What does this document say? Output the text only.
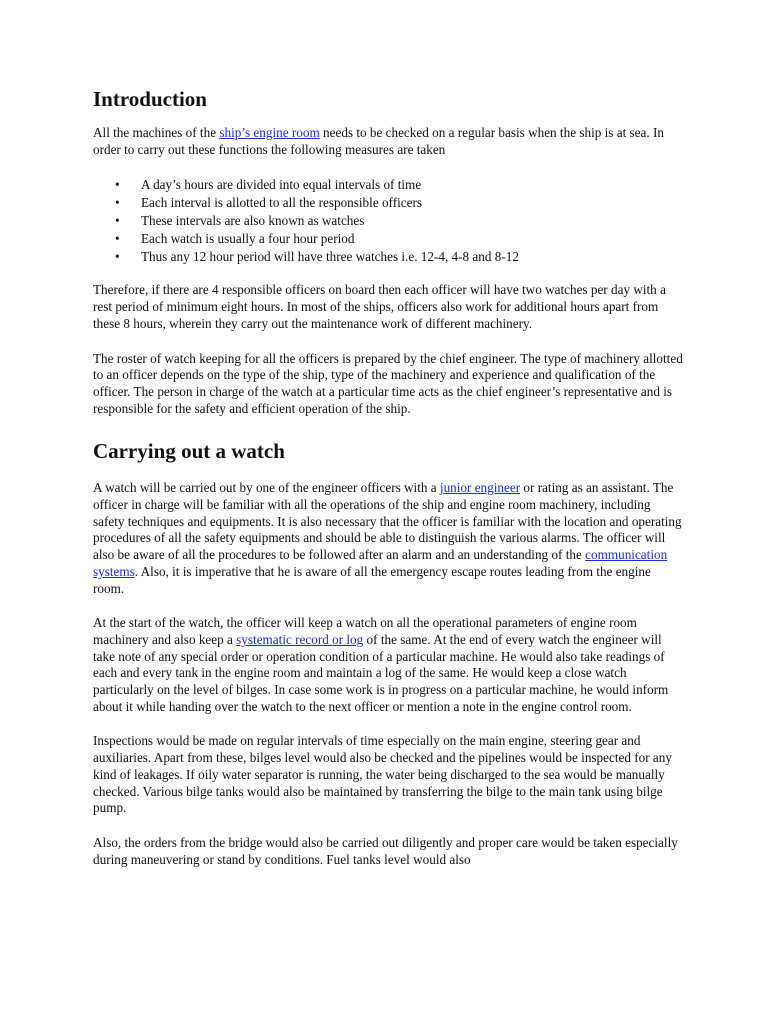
Introduction

All the machines of the ship’s engine room needs to be checked on a regular basis when the ship is at sea. In order to carry out these functions the following measures are taken

• A day’s hours are divided into equal intervals of time
• Each interval is allotted to all the responsible officers
• These intervals are also known as watches
• Each watch is usually a four hour period
• Thus any 12 hour period will have three watches i.e. 12-4, 4-8 and 8-12

Therefore, if there are 4 responsible officers on board then each officer will have two watches per day with a rest period of minimum eight hours. In most of the ships, officers also work for additional hours apart from these 8 hours, wherein they carry out the maintenance work of different machinery.

The roster of watch keeping for all the officers is prepared by the chief engineer. The type of machinery allotted to an officer depends on the type of the ship, type of the machinery and experience and qualification of the officer. The person in charge of the watch at a particular time acts as the chief engineer’s representative and is responsible for the safety and efficient operation of the ship.

Carrying out a watch

A watch will be carried out by one of the engineer officers with a junior engineer or rating as an assistant. The officer in charge will be familiar with all the operations of the ship and engine room machinery, including safety techniques and equipments. It is also necessary that the officer is familiar with the location and operating procedures of all the safety equipments and should be able to distinguish the various alarms. The officer will also be aware of all the procedures to be followed after an alarm and an understanding of the communication systems. Also, it is imperative that he is aware of all the emergency escape routes leading from the engine room.

At the start of the watch, the officer will keep a watch on all the operational parameters of engine room machinery and also keep a systematic record or log of the same. At the end of every watch the engineer will take note of any special order or operation condition of a particular machine. He would also take readings of each and every tank in the engine room and maintain a log of the same. He would keep a close watch particularly on the level of bilges. In case some work is in progress on a particular machine, he would inform about it while handing over the watch to the next officer or mention a note in the engine control room.

Inspections would be made on regular intervals of time especially on the main engine, steering gear and auxiliaries. Apart from these, bilges level would also be checked and the pipelines would be inspected for any kind of leakages. If oily water separator is running, the water being discharged to the sea would be manually checked. Various bilge tanks would also be maintained by transferring the bilge to the main tank using bilge pump.

Also, the orders from the bridge would also be carried out diligently and proper care would be taken especially during maneuvering or stand by conditions. Fuel tanks level would also
